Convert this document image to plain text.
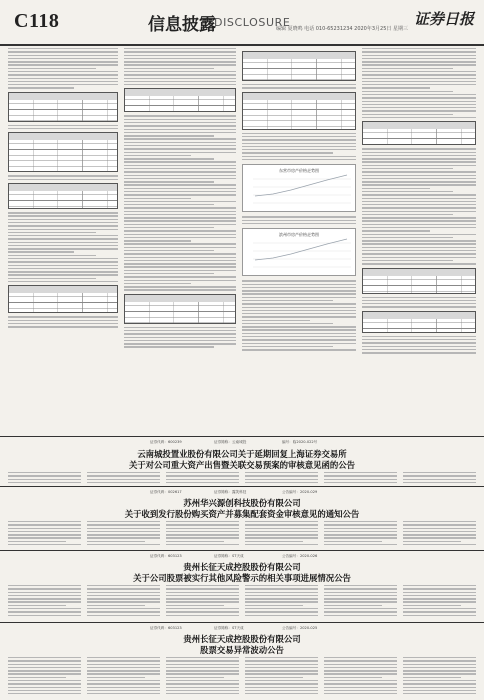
C118	信息披露
DISCLOSURE
编辑 夏晓鸣 电话 010-65231234 2020年3月25日 星期三
证券日报
东营市房产价格走势图
滨州市房产价格走势图
证券代码：600239	证券简称：云南城投	编号：临2020-022号
云南城投置业股份有限公司关于延期回复上海证券交易所
关于对公司重大资产出售暨关联交易预案的审核意见函的公告
证券代码：002617	证券简称：露笑科技	公告编号：2020-029
苏州华兴源创科技股份有限公司
关于收到发行股份购买资产并募集配套资金审核意见的通知公告
证券代码：603123	证券简称：ST天成	公告编号：2020-026
贵州长征天成控股股份有限公司
关于公司股票被实行其他风险警示的相关事项进展情况公告
证券代码：603123	证券简称：ST天成	公告编号：2020-025
贵州长征天成控股股份有限公司
股票交易异常波动公告
